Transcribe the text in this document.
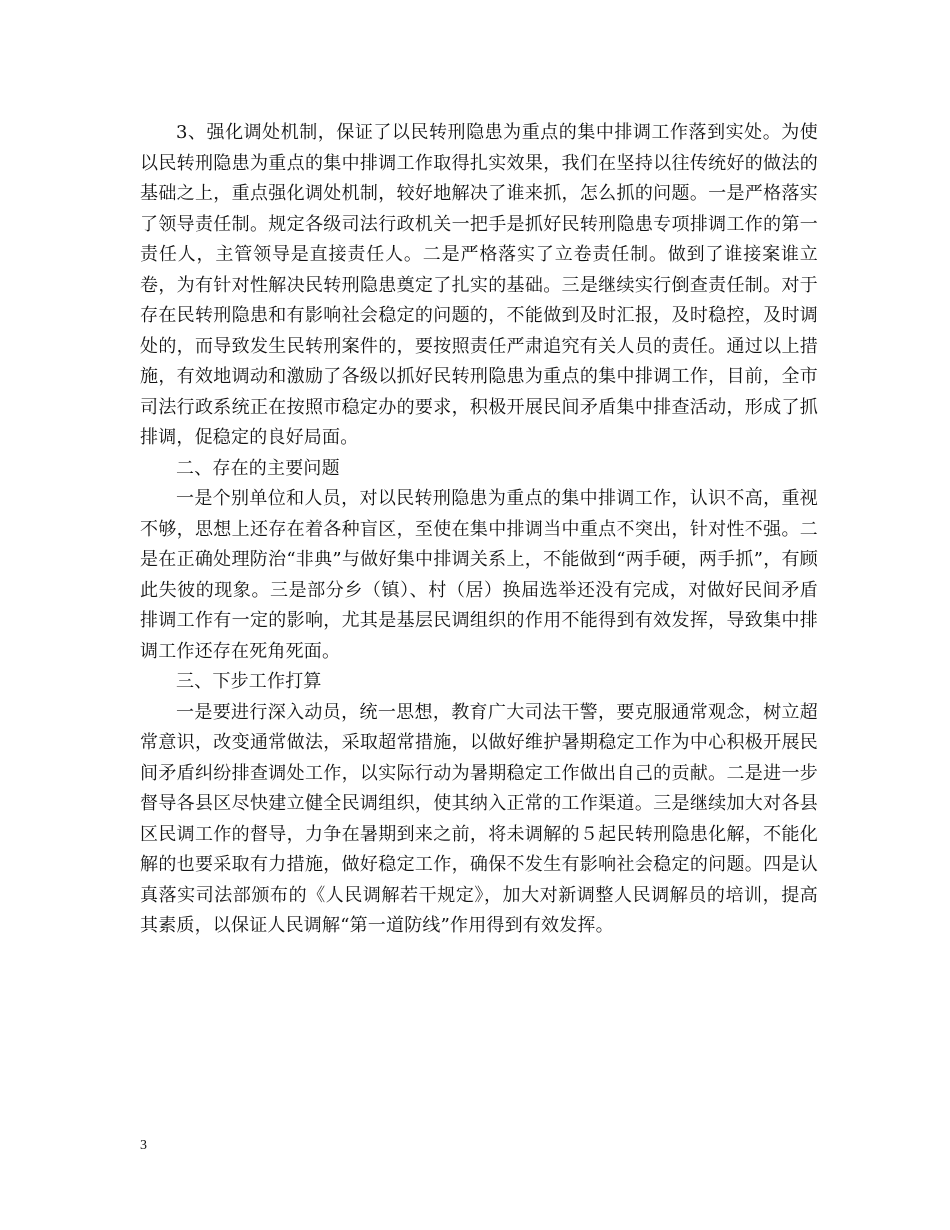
3、强化调处机制，保证了以民转刑隐患为重点的集中排调工作落到实处。为使以民转刑隐患为重点的集中排调工作取得扎实效果，我们在坚持以往传统好的做法的基础之上，重点强化调处机制，较好地解决了谁来抓，怎么抓的问题。一是严格落实了领导责任制。规定各级司法行政机关一把手是抓好民转刑隐患专项排调工作的第一责任人，主管领导是直接责任人。二是严格落实了立卷责任制。做到了谁接案谁立卷，为有针对性解决民转刑隐患奠定了扎实的基础。三是继续实行倒查责任制。对于存在民转刑隐患和有影响社会稳定的问题的，不能做到及时汇报，及时稳控，及时调处的，而导致发生民转刑案件的，要按照责任严肃追究有关人员的责任。通过以上措施，有效地调动和激励了各级以抓好民转刑隐患为重点的集中排调工作，目前，全市司法行政系统正在按照市稳定办的要求，积极开展民间矛盾集中排查活动，形成了抓排调，促稳定的良好局面。

二、存在的主要问题

一是个别单位和人员，对以民转刑隐患为重点的集中排调工作，认识不高，重视不够，思想上还存在着各种盲区，至使在集中排调当中重点不突出，针对性不强。二是在正确处理防治“非典”与做好集中排调关系上，不能做到“两手硬，两手抓”，有顾此失彼的现象。三是部分乡（镇）、村（居）换届选举还没有完成，对做好民间矛盾排调工作有一定的影响，尤其是基层民调组织的作用不能得到有效发挥，导致集中排调工作还存在死角死面。

三、下步工作打算

一是要进行深入动员，统一思想，教育广大司法干警，要克服通常观念，树立超常意识，改变通常做法，采取超常措施，以做好维护暑期稳定工作为中心积极开展民间矛盾纠纷排查调处工作，以实际行动为暑期稳定工作做出自己的贡献。二是进一步督导各县区尽快建立健全民调组织，使其纳入正常的工作渠道。三是继续加大对各县区民调工作的督导，力争在暑期到来之前，将未调解的５起民转刑隐患化解，不能化解的也要采取有力措施，做好稳定工作，确保不发生有影响社会稳定的问题。四是认真落实司法部颁布的《人民调解若干规定》，加大对新调整人民调解员的培训，提高其素质，以保证人民调解“第一道防线”作用得到有效发挥。

3
